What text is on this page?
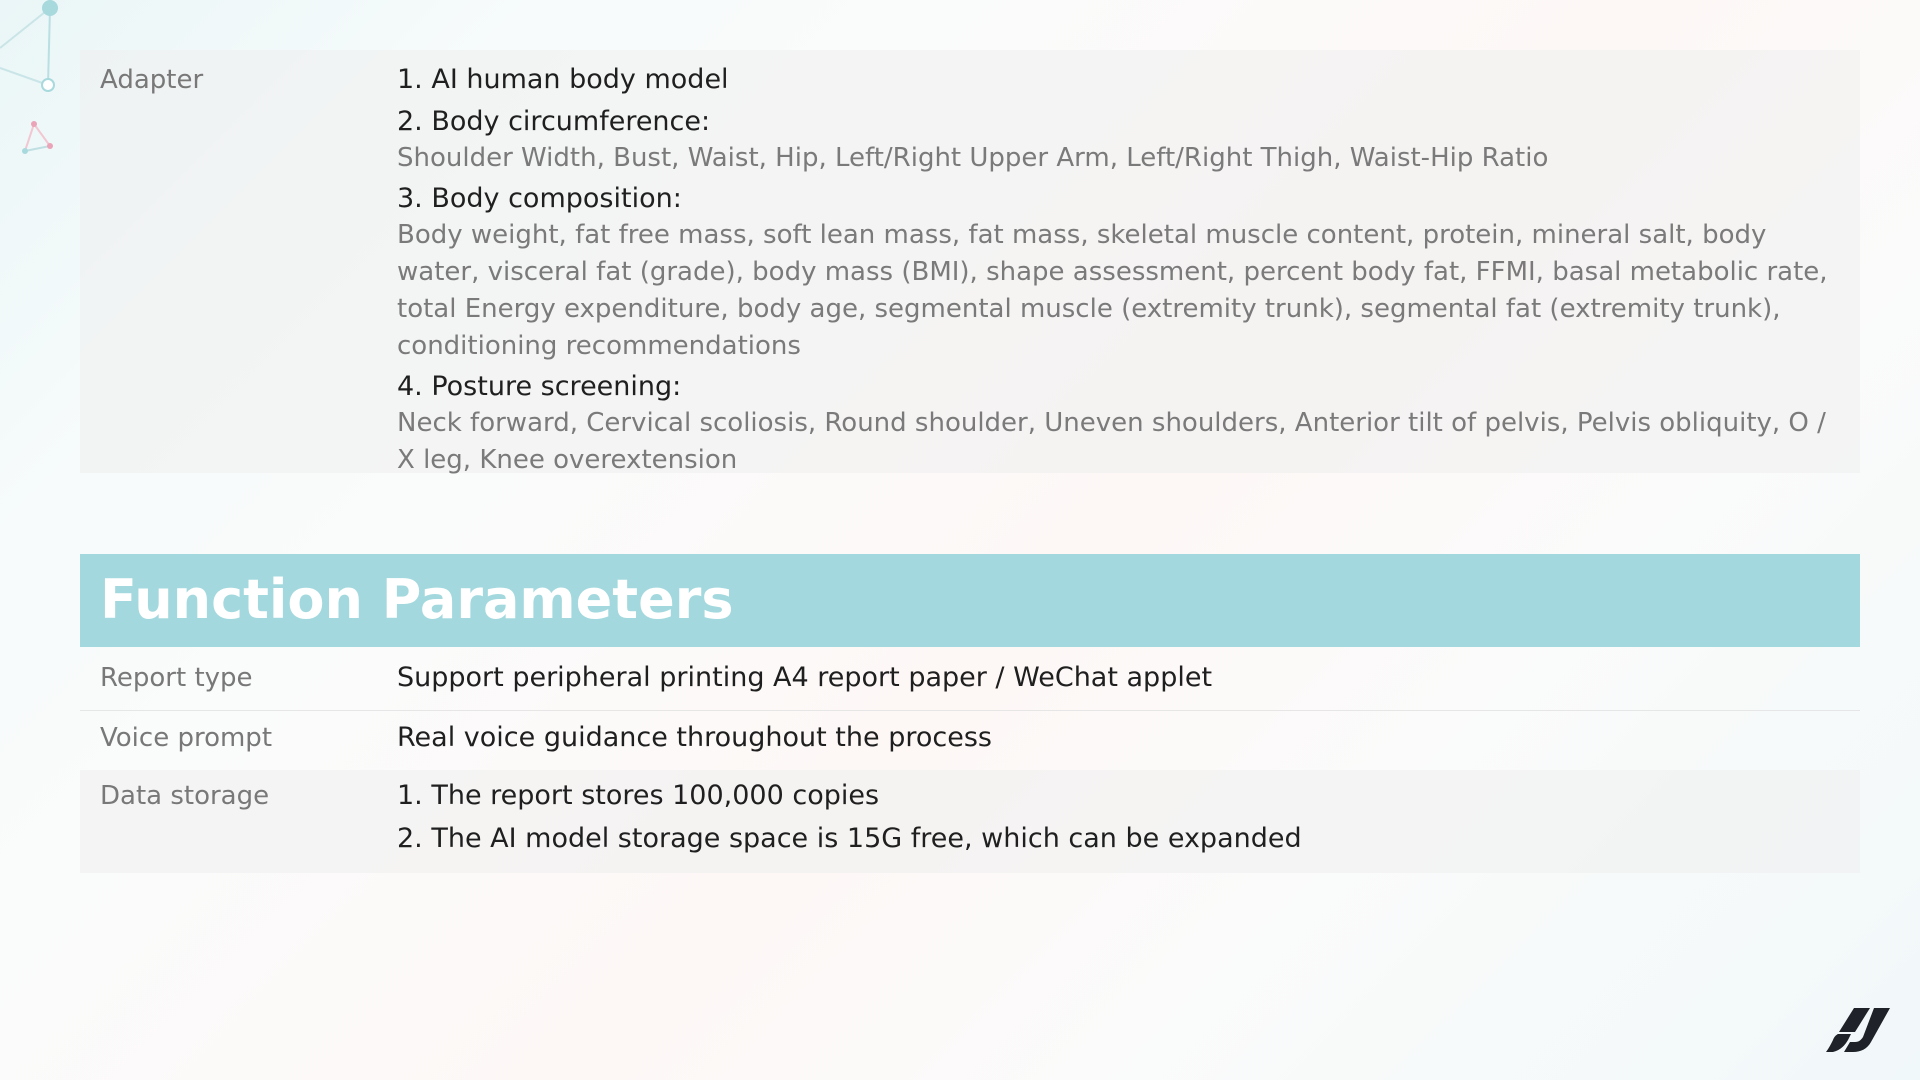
Adapter	1. AI human body model

2. Body circumference:

Shoulder Width, Bust, Waist, Hip, Left/Right Upper Arm, Left/Right Thigh, Waist-Hip Ratio

3. Body composition:

Body weight, fat free mass, soft lean mass, fat mass, skeletal muscle content, protein, mineral salt, body water, visceral fat (grade), body mass (BMI), shape assessment, percent body fat, FFMI, basal metabolic rate, total Energy expenditure, body age, segmental muscle (extremity trunk), segmental fat (extremity trunk), conditioning recommendations

4. Posture screening:

Neck forward, Cervical scoliosis, Round shoulder, Uneven shoulders, Anterior tilt of pelvis, Pelvis obliquity, O / X leg, Knee overextension

Function Parameters
Report type	Support peripheral printing A4 report paper / WeChat applet

Voice prompt	Real voice guidance throughout the process

Data storage	1. The report stores 100,000 copies

2. The AI model storage space is 15G free, which can be expanded
